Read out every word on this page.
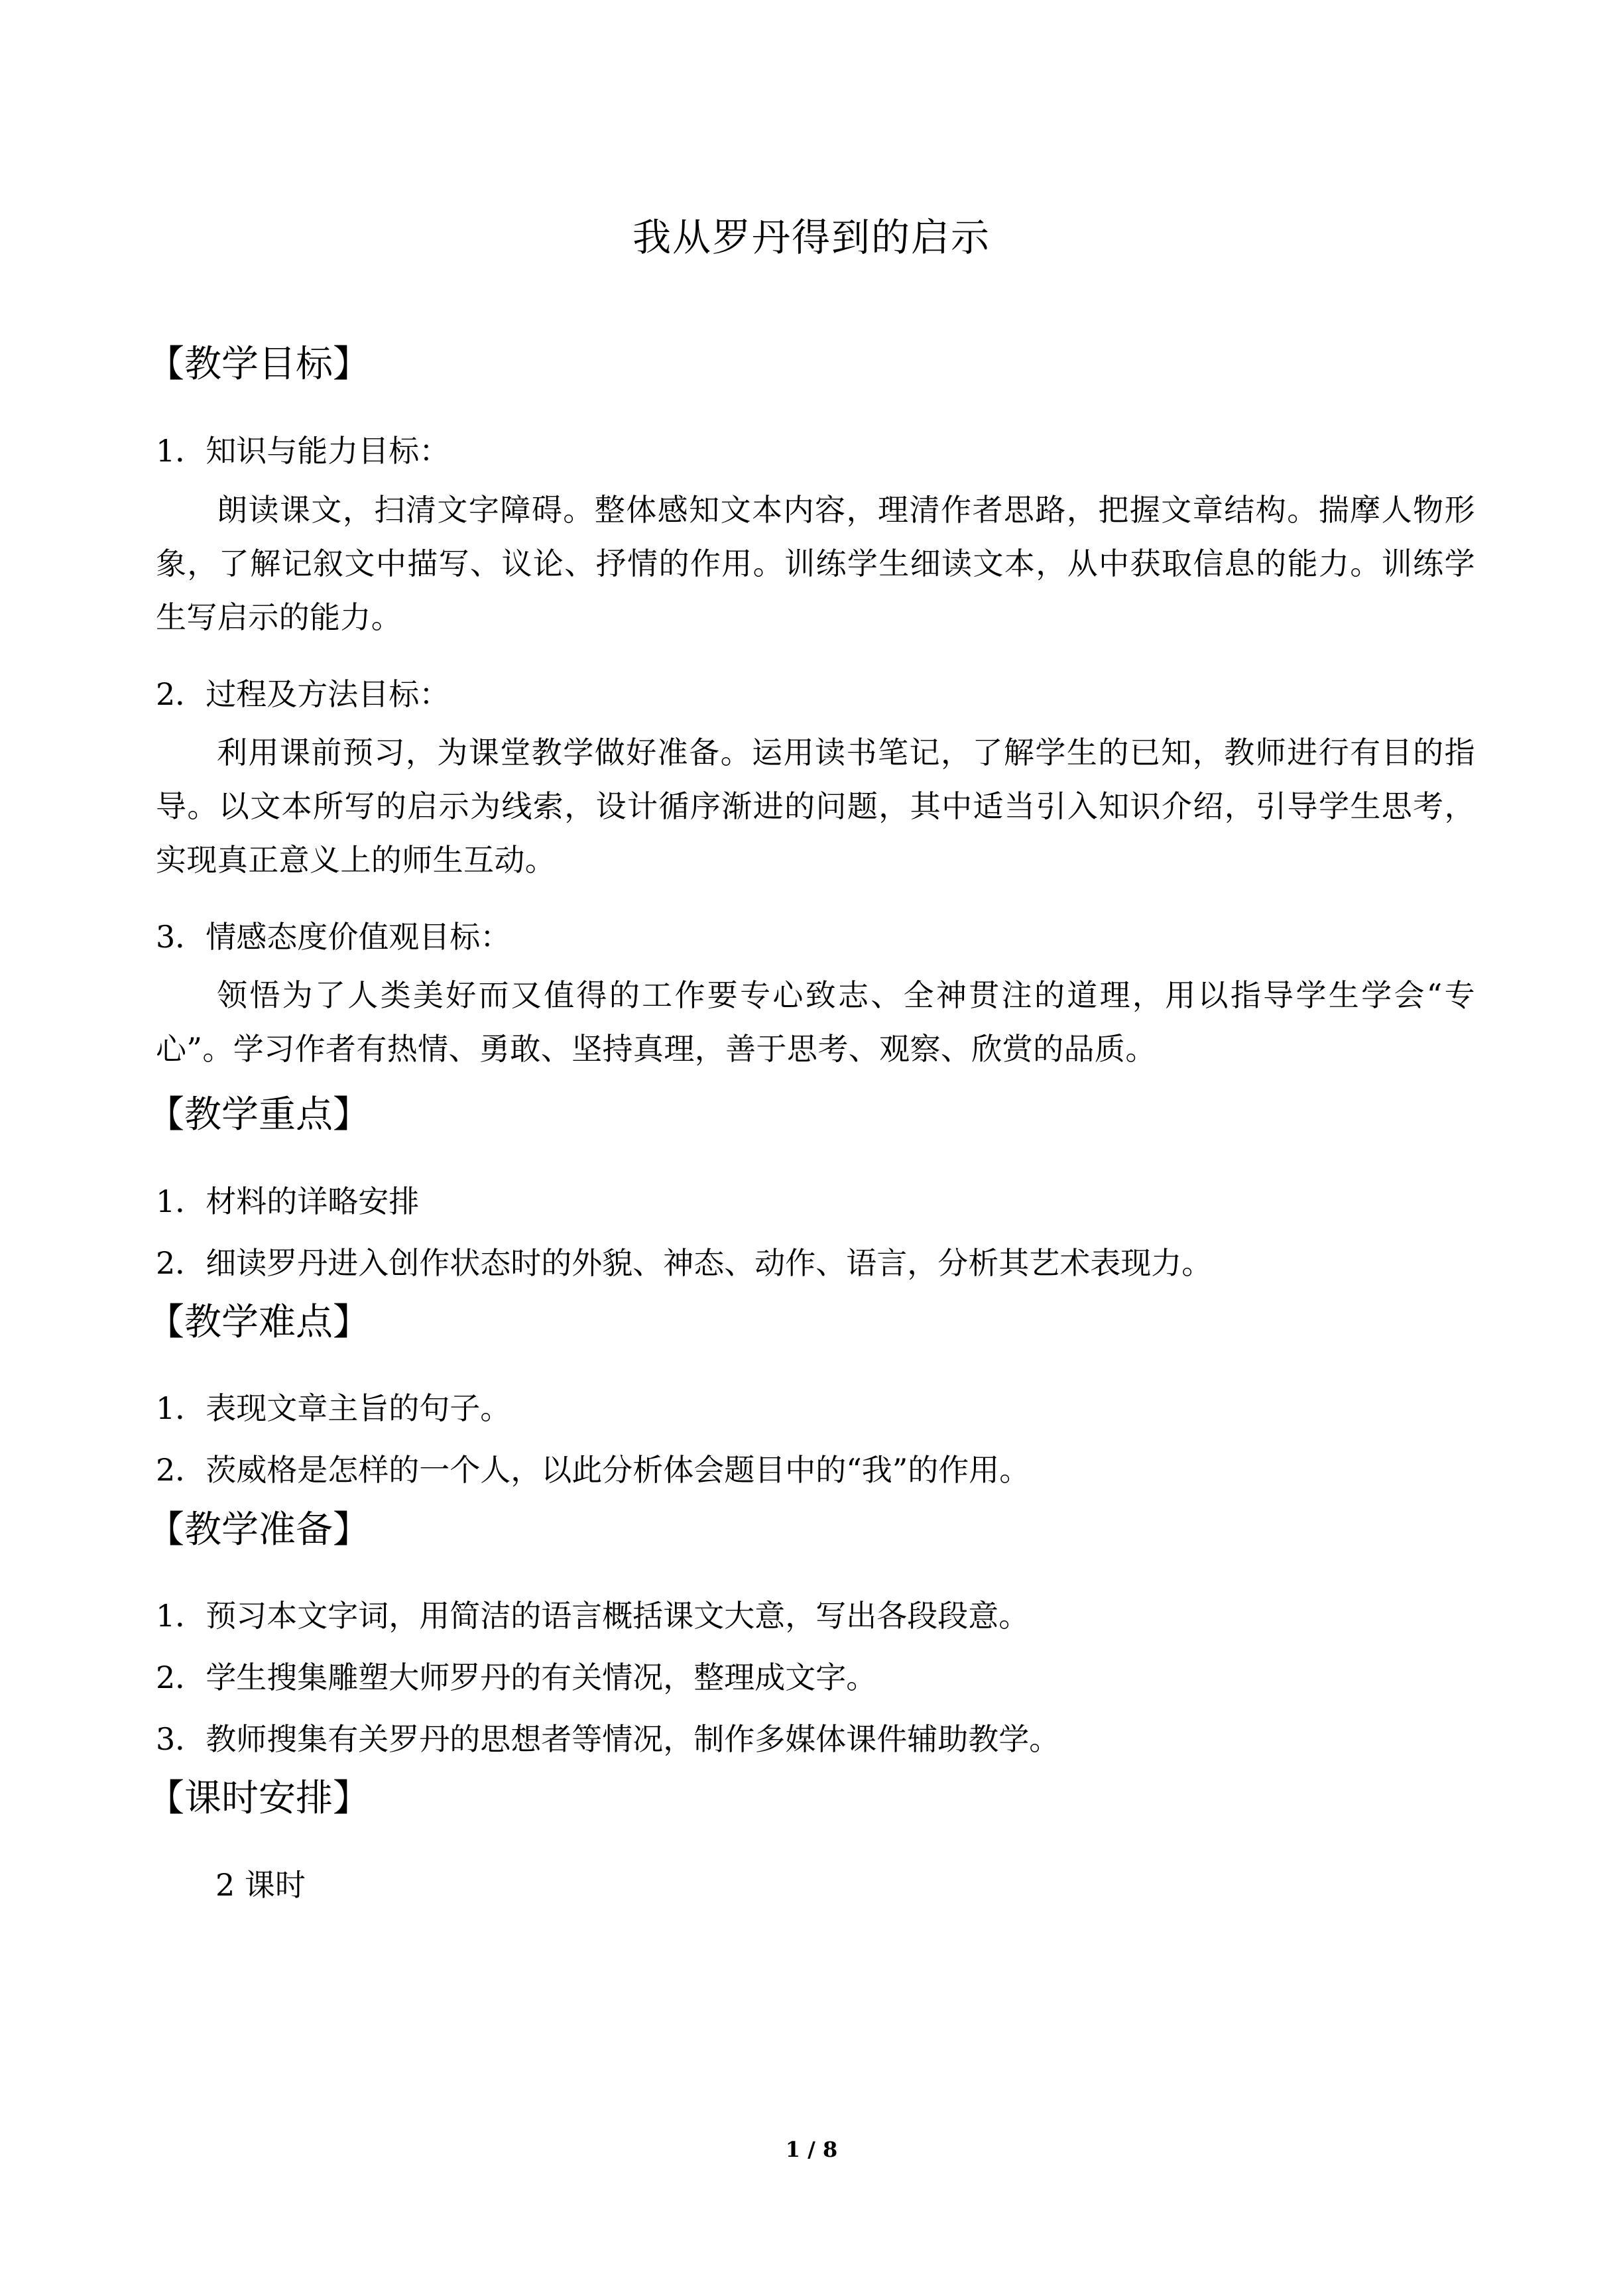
我从罗丹得到的启示
【教学目标】
1．知识与能力目标：
朗读课文，扫清文字障碍。整体感知文本内容，理清作者思路，把握文章结构。揣摩人物形象，了解记叙文中描写、议论、抒情的作用。训练学生细读文本，从中获取信息的能力。训练学生写启示的能力。
2．过程及方法目标：
利用课前预习，为课堂教学做好准备。运用读书笔记，了解学生的已知，教师进行有目的指导。以文本所写的启示为线索，设计循序渐进的问题，其中适当引入知识介绍，引导学生思考，实现真正意义上的师生互动。
3．情感态度价值观目标：
领悟为了人类美好而又值得的工作要专心致志、全神贯注的道理，用以指导学生学会“专心”。学习作者有热情、勇敢、坚持真理，善于思考、观察、欣赏的品质。
【教学重点】
1．材料的详略安排
2．细读罗丹进入创作状态时的外貌、神态、动作、语言，分析其艺术表现力。
【教学难点】
1．表现文章主旨的句子。
2．茨威格是怎样的一个人，以此分析体会题目中的“我”的作用。
【教学准备】
1．预习本文字词，用简洁的语言概括课文大意，写出各段段意。
2．学生搜集雕塑大师罗丹的有关情况，整理成文字。
3．教师搜集有关罗丹的思想者等情况，制作多媒体课件辅助教学。
【课时安排】
2 课时
1 / 8
